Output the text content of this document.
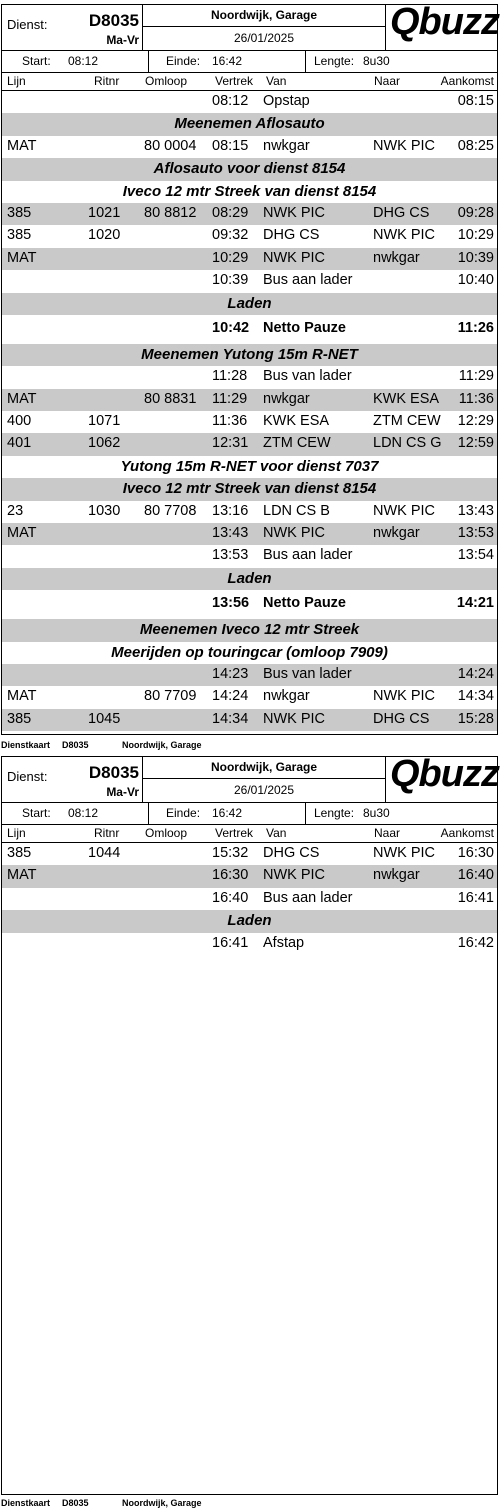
Dienst: D8035
Ma-Vr
Noordwijk, Garage
26/01/2025	Qbuzz
Start: 08:12	Einde: 16:42	Lengte: 8u30
Lijn	Ritnr Omloop Vertrek Van	Naar	Aankomst
08:12 Opstap	08:15
Meenemen Aflosauto
MAT	80 0004 08:15 nwkgar	NWK PIC 08:25
Aflosauto voor dienst 8154
Iveco 12 mtr Streek van dienst 8154
385	1021 80 8812 08:29 NWK PIC	DHG CS 09:28
385	1020	09:32 DHG CS	NWK PIC 10:29
MAT	10:29 NWK PIC	nwkgar	10:39
10:39 Bus aan lader	10:40
Laden
10:42 Netto Pauze	11:26
Meenemen Yutong 15m R-NET
11:28 Bus van lader	11:29
MAT	80 8831 11:29 nwkgar	KWK ESA 11:36
400	1071	11:36 KWK ESA	ZTM CEW 12:29
401	1062	12:31 ZTM CEW	LDN CS G 12:59
Yutong 15m R-NET voor dienst 7037
Iveco 12 mtr Streek van dienst 8154
23	1030 80 7708 13:16 LDN CS B	NWK PIC 13:43
MAT	13:43 NWK PIC	nwkgar	13:53
13:53 Bus aan lader	13:54
Laden
13:56 Netto Pauze	14:21
Meenemen Iveco 12 mtr Streek
Meerijden op touringcar (omloop 7909)
14:23 Bus van lader	14:24
MAT	80 7709 14:24 nwkgar	NWK PIC 14:34
385	1045	14:34 NWK PIC	DHG CS 15:28
Dienstkaart D8035	Noordwijk, Garage
Dienst: D8035
Ma-Vr
Noordwijk, Garage
26/01/2025	Qbuzz
Start: 08:12	Einde: 16:42	Lengte: 8u30
Lijn	Ritnr Omloop Vertrek Van	Naar	Aankomst
385	1044	15:32 DHG CS	NWK PIC 16:30
MAT	16:30 NWK PIC	nwkgar	16:40
16:40 Bus aan lader	16:41
Laden
16:41 Afstap	16:42
Dienstkaart D8035	Noordwijk, Garage
